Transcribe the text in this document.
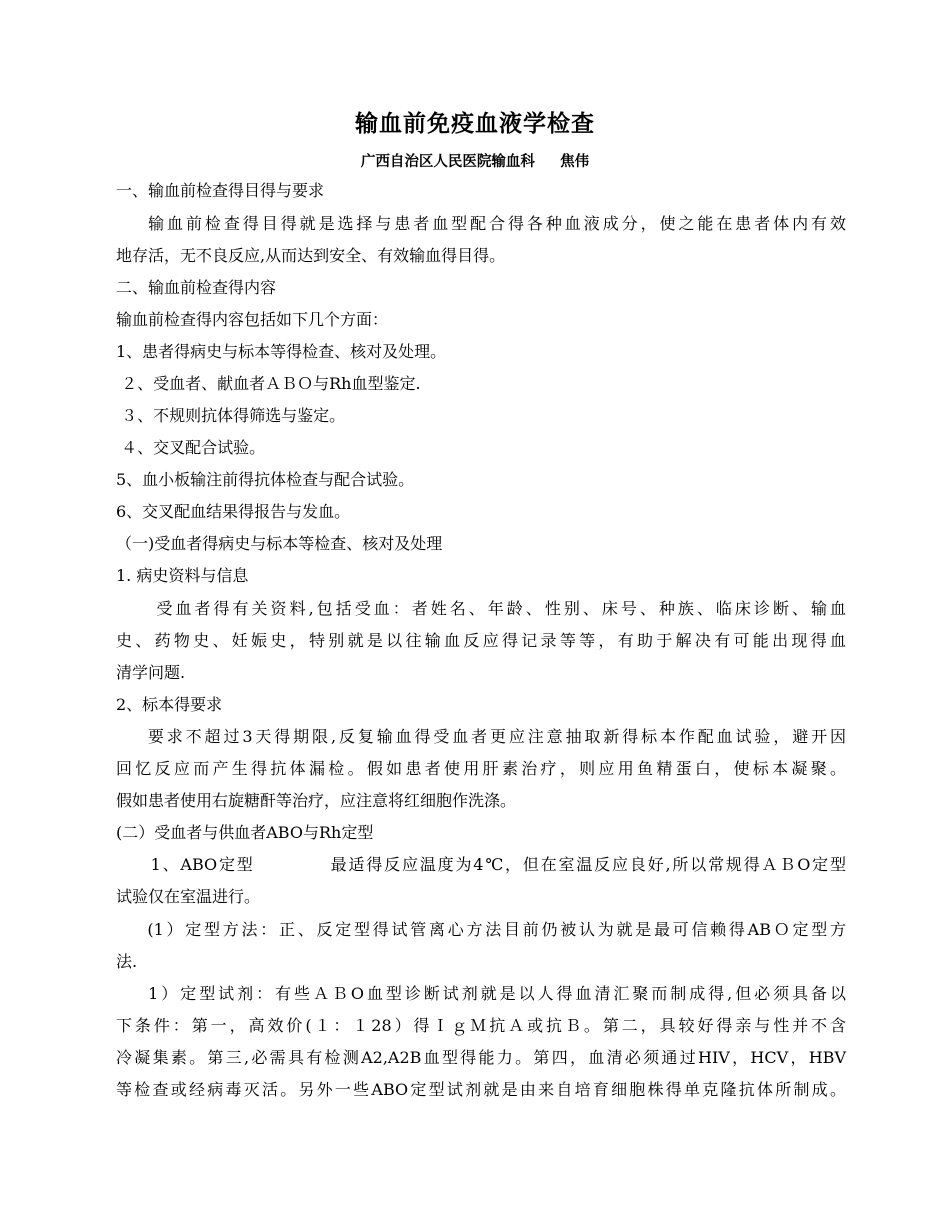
输血前免疫血液学检查
广西自治区人民医院输血科     焦伟
一、输血前检查得目得与要求
输血前检查得目得就是选择与患者血型配合得各种血液成分，使之能在患者体内有效
地存活，无不良反应,从而达到安全、有效输血得目得。
二、输血前检查得内容
输血前检查得内容包括如下几个方面：
1、患者得病史与标本等得检查、核对及处理。
２、受血者、献血者ＡＢＯ与Rh血型鉴定.
３、不规则抗体得筛选与鉴定。
４、交叉配合试验。
5、血小板输注前得抗体检查与配合试验。
6、交叉配血结果得报告与发血。
（一)受血者得病史与标本等检查、核对及处理
1. 病史资料与信息
受血者得有关资料,包括受血：者姓名、年龄、性别、床号、种族、临床诊断、输血
史、药物史、妊娠史，特别就是以往输血反应得记录等等，有助于解决有可能出现得血
清学问题.
2、标本得要求
要求不超过3天得期限,反复输血得受血者更应注意抽取新得标本作配血试验，避开因
回忆反应而产生得抗体漏检。假如患者使用肝素治疗，则应用鱼精蛋白，使标本凝聚。
假如患者使用右旋糖酐等治疗，应注意将红细胞作洗涤。
(二）受血者与供血者ABO与Rh定型
1、ABO定型           最适得反应温度为4℃，但在室温反应良好,所以常规得ＡＢO定型
试验仅在室温进行。
(1）定型方法：正、反定型得试管离心方法目前仍被认为就是最可信赖得ABＯ定型方
法.
1）定型试剂：有些ＡＢO血型诊断试剂就是以人得血清汇聚而制成得,但必须具备以
下条件：第一，高效价(１：１28）得ＩｇＭ抗Ａ或抗Ｂ。第二，具较好得亲与性并不含
冷凝集素。第三,必需具有检测A2,A2B血型得能力。第四，血清必须通过HIV，HCV，HBV
等检查或经病毒灭活。另外一些ABO定型试剂就是由来自培育细胞株得单克隆抗体所制成。
